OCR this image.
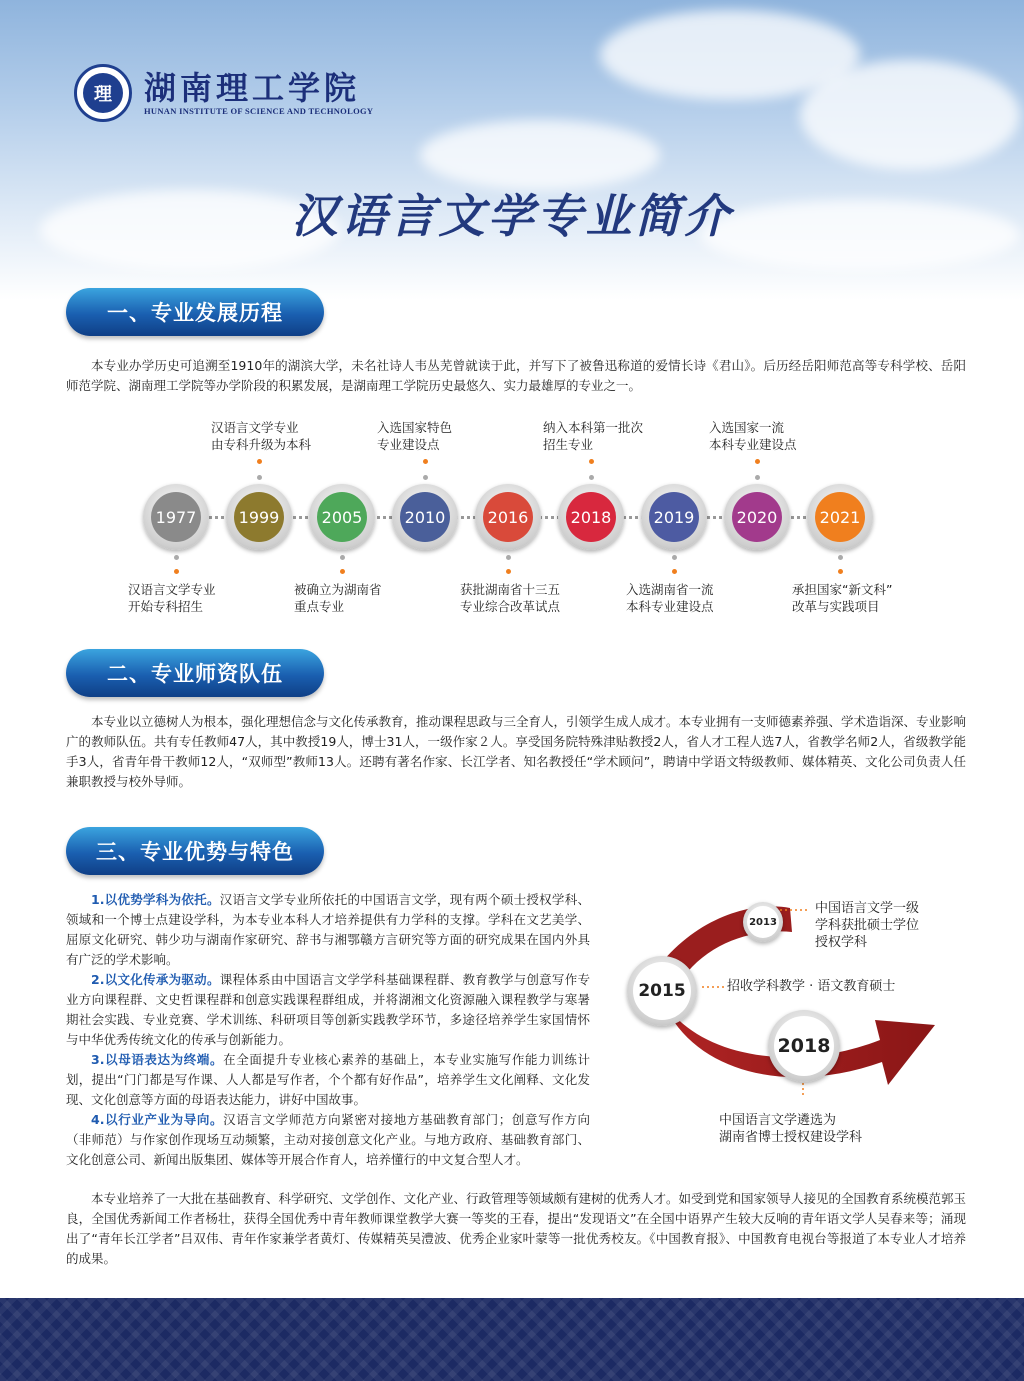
理	湖南理工学院
HUNAN INSTITUTE OF SCIENCE AND TECHNOLOGY
汉语言文学专业简介
一、专业发展历程
本专业办学历史可追溯至1910年的湖滨大学，未名社诗人韦丛芜曾就读于此，并写下了被鲁迅称道的爱情长诗《君山》。后历经岳阳师范高等专科学校、岳阳师范学院、湖南理工学院等办学阶段的积累发展，是湖南理工学院历史最悠久、实力最雄厚的专业之一。
1977
汉语言文学专业
开始专科招生
1999
汉语言文学专业
由专科升级为本科
2005
被确立为湖南省
重点专业
2010
入选国家特色
专业建设点
2016
获批湖南省十三五
专业综合改革试点
2018
纳入本科第一批次
招生专业
2019
入选湖南省一流
本科专业建设点
2020
入选国家一流
本科专业建设点
2021
承担国家“新文科”
改革与实践项目
二、专业师资队伍
本专业以立德树人为根本，强化理想信念与文化传承教育，推动课程思政与三全育人，引领学生成人成才。本专业拥有一支师德素养强、学术造诣深、专业影响广的教师队伍。共有专任教师47人，其中教授19人，博士31人，一级作家２人。享受国务院特殊津贴教授2人，省人才工程人选7人，省教学名师2人，省级教学能手3人，省青年骨干教师12人，“双师型”教师13人。还聘有著名作家、长江学者、知名教授任“学术顾问”，聘请中学语文特级教师、媒体精英、文化公司负责人任兼职教授与校外导师。
三、专业优势与特色

1.以优势学科为依托。汉语言文学专业所依托的中国语言文学，现有两个硕士授权学科、领域和一个博士点建设学科，为本专业本科人才培养提供有力学科的支撑。学科在文艺美学、屈原文化研究、韩少功与湖南作家研究、辞书与湘鄂赣方言研究等方面的研究成果在国内外具有广泛的学术影响。

2.以文化传承为驱动。课程体系由中国语言文学学科基础课程群、教育教学与创意写作专业方向课程群、文史哲课程群和创意实践课程群组成，并将湖湘文化资源融入课程教学与寒暑期社会实践、专业竞赛、学术训练、科研项目等创新实践教学环节，多途径培养学生家国情怀与中华优秀传统文化的传承与创新能力。

3.以母语表达为终端。在全面提升专业核心素养的基础上，本专业实施写作能力训练计划，提出“门门都是写作课、人人都是写作者，个个都有好作品”，培养学生文化阐释、文化发现、文化创意等方面的母语表达能力，讲好中国故事。

4.以行业产业为导向。汉语言文学师范方向紧密对接地方基础教育部门；创意写作方向（非师范）与作家创作现场互动频繁，主动对接创意文化产业。与地方政府、基础教育部门、文化创意公司、新闻出版集团、媒体等开展合作育人，培养懂行的中文复合型人才。

2013
2015
2018
中国语言文学一级
学科获批硕士学位
授权学科
招收学科教学 · 语文教育硕士
中国语言文学遴选为
湖南省博士授权建设学科
本专业培养了一大批在基础教育、科学研究、文学创作、文化产业、行政管理等领域颇有建树的优秀人才。如受到党和国家领导人接见的全国教育系统模范郭玉良，全国优秀新闻工作者杨壮，获得全国优秀中青年教师课堂教学大赛一等奖的王春，提出“发现语文”在全国中语界产生较大反响的青年语文学人吴春来等；涌现出了“青年长江学者”吕双伟、青年作家兼学者黄灯、传媒精英吴澧波、优秀企业家叶蒙等一批优秀校友。《中国教育报》、中国教育电视台等报道了本专业人才培养的成果。
